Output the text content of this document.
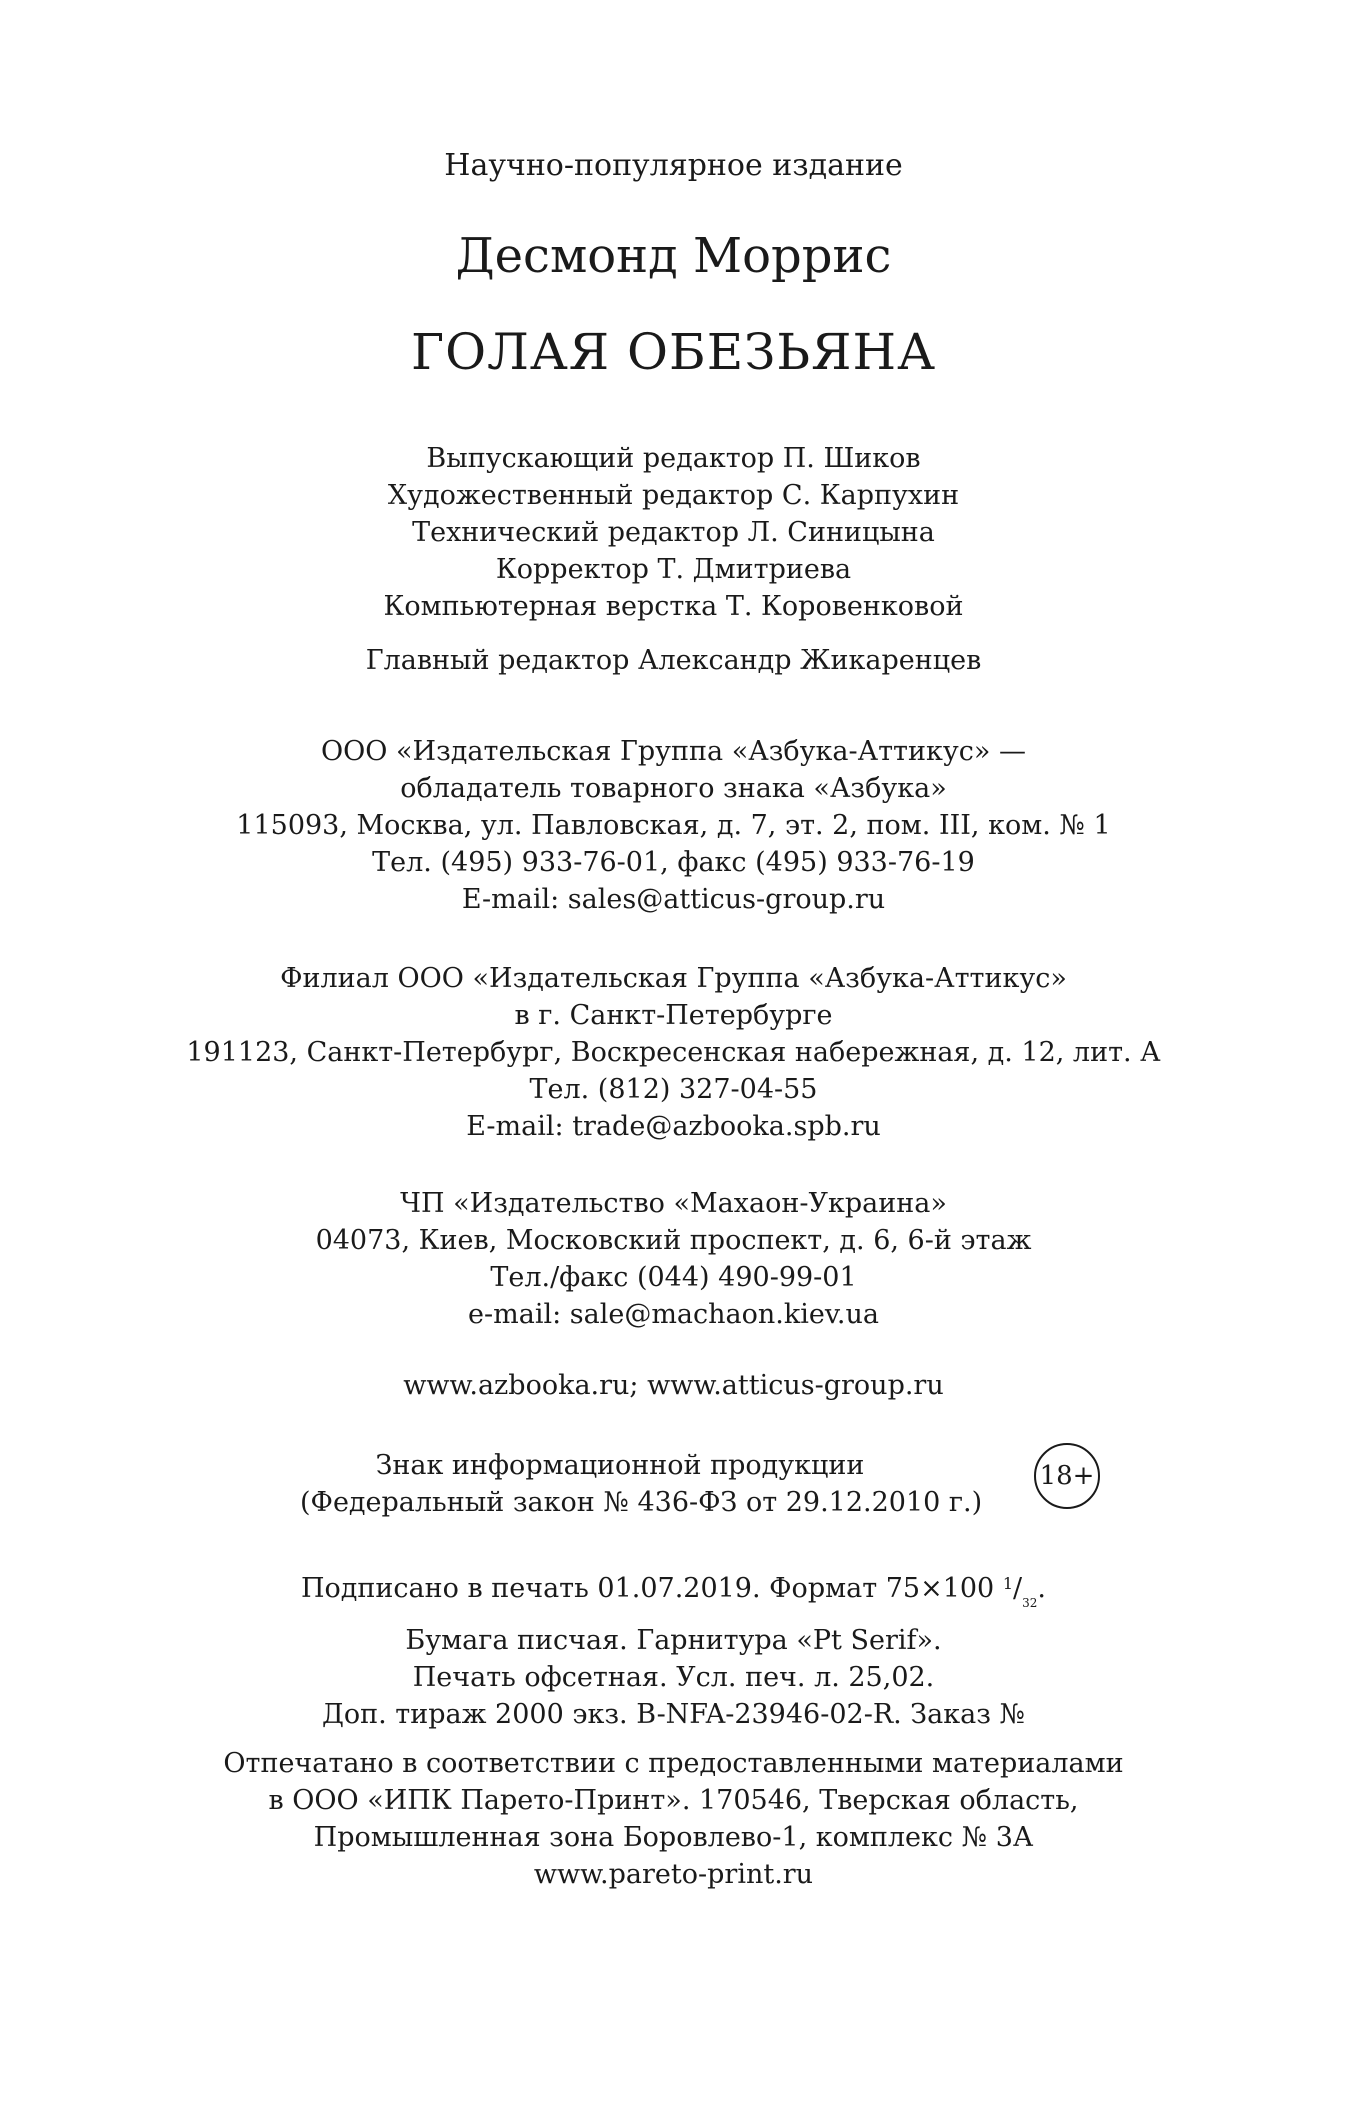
Научно-популярное издание
Десмонд Моррис
ГОЛАЯ ОБЕЗЬЯНА
Выпускающий редактор П. Шиков
Художественный редактор С. Карпухин
Технический редактор Л. Синицына
Корректор Т. Дмитриева
Компьютерная верстка Т. Коровенковой
Главный редактор Александр Жикаренцев
ООО «Издательская Группа «Азбука-Аттикус» —
обладатель товарного знака «Азбука»
115093, Москва, ул. Павловская, д. 7, эт. 2, пом. III, ком. № 1
Тел. (495) 933-76-01, факс (495) 933-76-19
E-mail: sales@atticus-group.ru
Филиал ООО «Издательская Группа «Азбука-Аттикус»
в г. Санкт-Петербурге
191123, Санкт-Петербург, Воскресенская набережная, д. 12, лит. А
Тел. (812) 327-04-55
E-mail: trade@azbooka.spb.ru
ЧП «Издательство «Махаон-Украина»
04073, Киев, Московский проспект, д. 6, 6-й этаж
Тел./факс (044) 490-99-01
e-mail: sale@machaon.kiev.ua
www.azbooka.ru; www.atticus-group.ru
Знак информационной продукции
(Федеральный закон № 436-ФЗ от 29.12.2010 г.)
18+
Подписано в печать 01.07.2019. Формат 75×100 1/32.
Бумага писчая. Гарнитура «Pt Serif».
Печать офсетная. Усл. печ. л. 25,02.
Доп. тираж 2000 экз. B-NFA-23946-02-R. Заказ №
Отпечатано в соответствии с предоставленными материалами
в ООО «ИПК Парето-Принт». 170546, Тверская область,
Промышленная зона Боровлево-1, комплекс № 3А
www.pareto-print.ru
